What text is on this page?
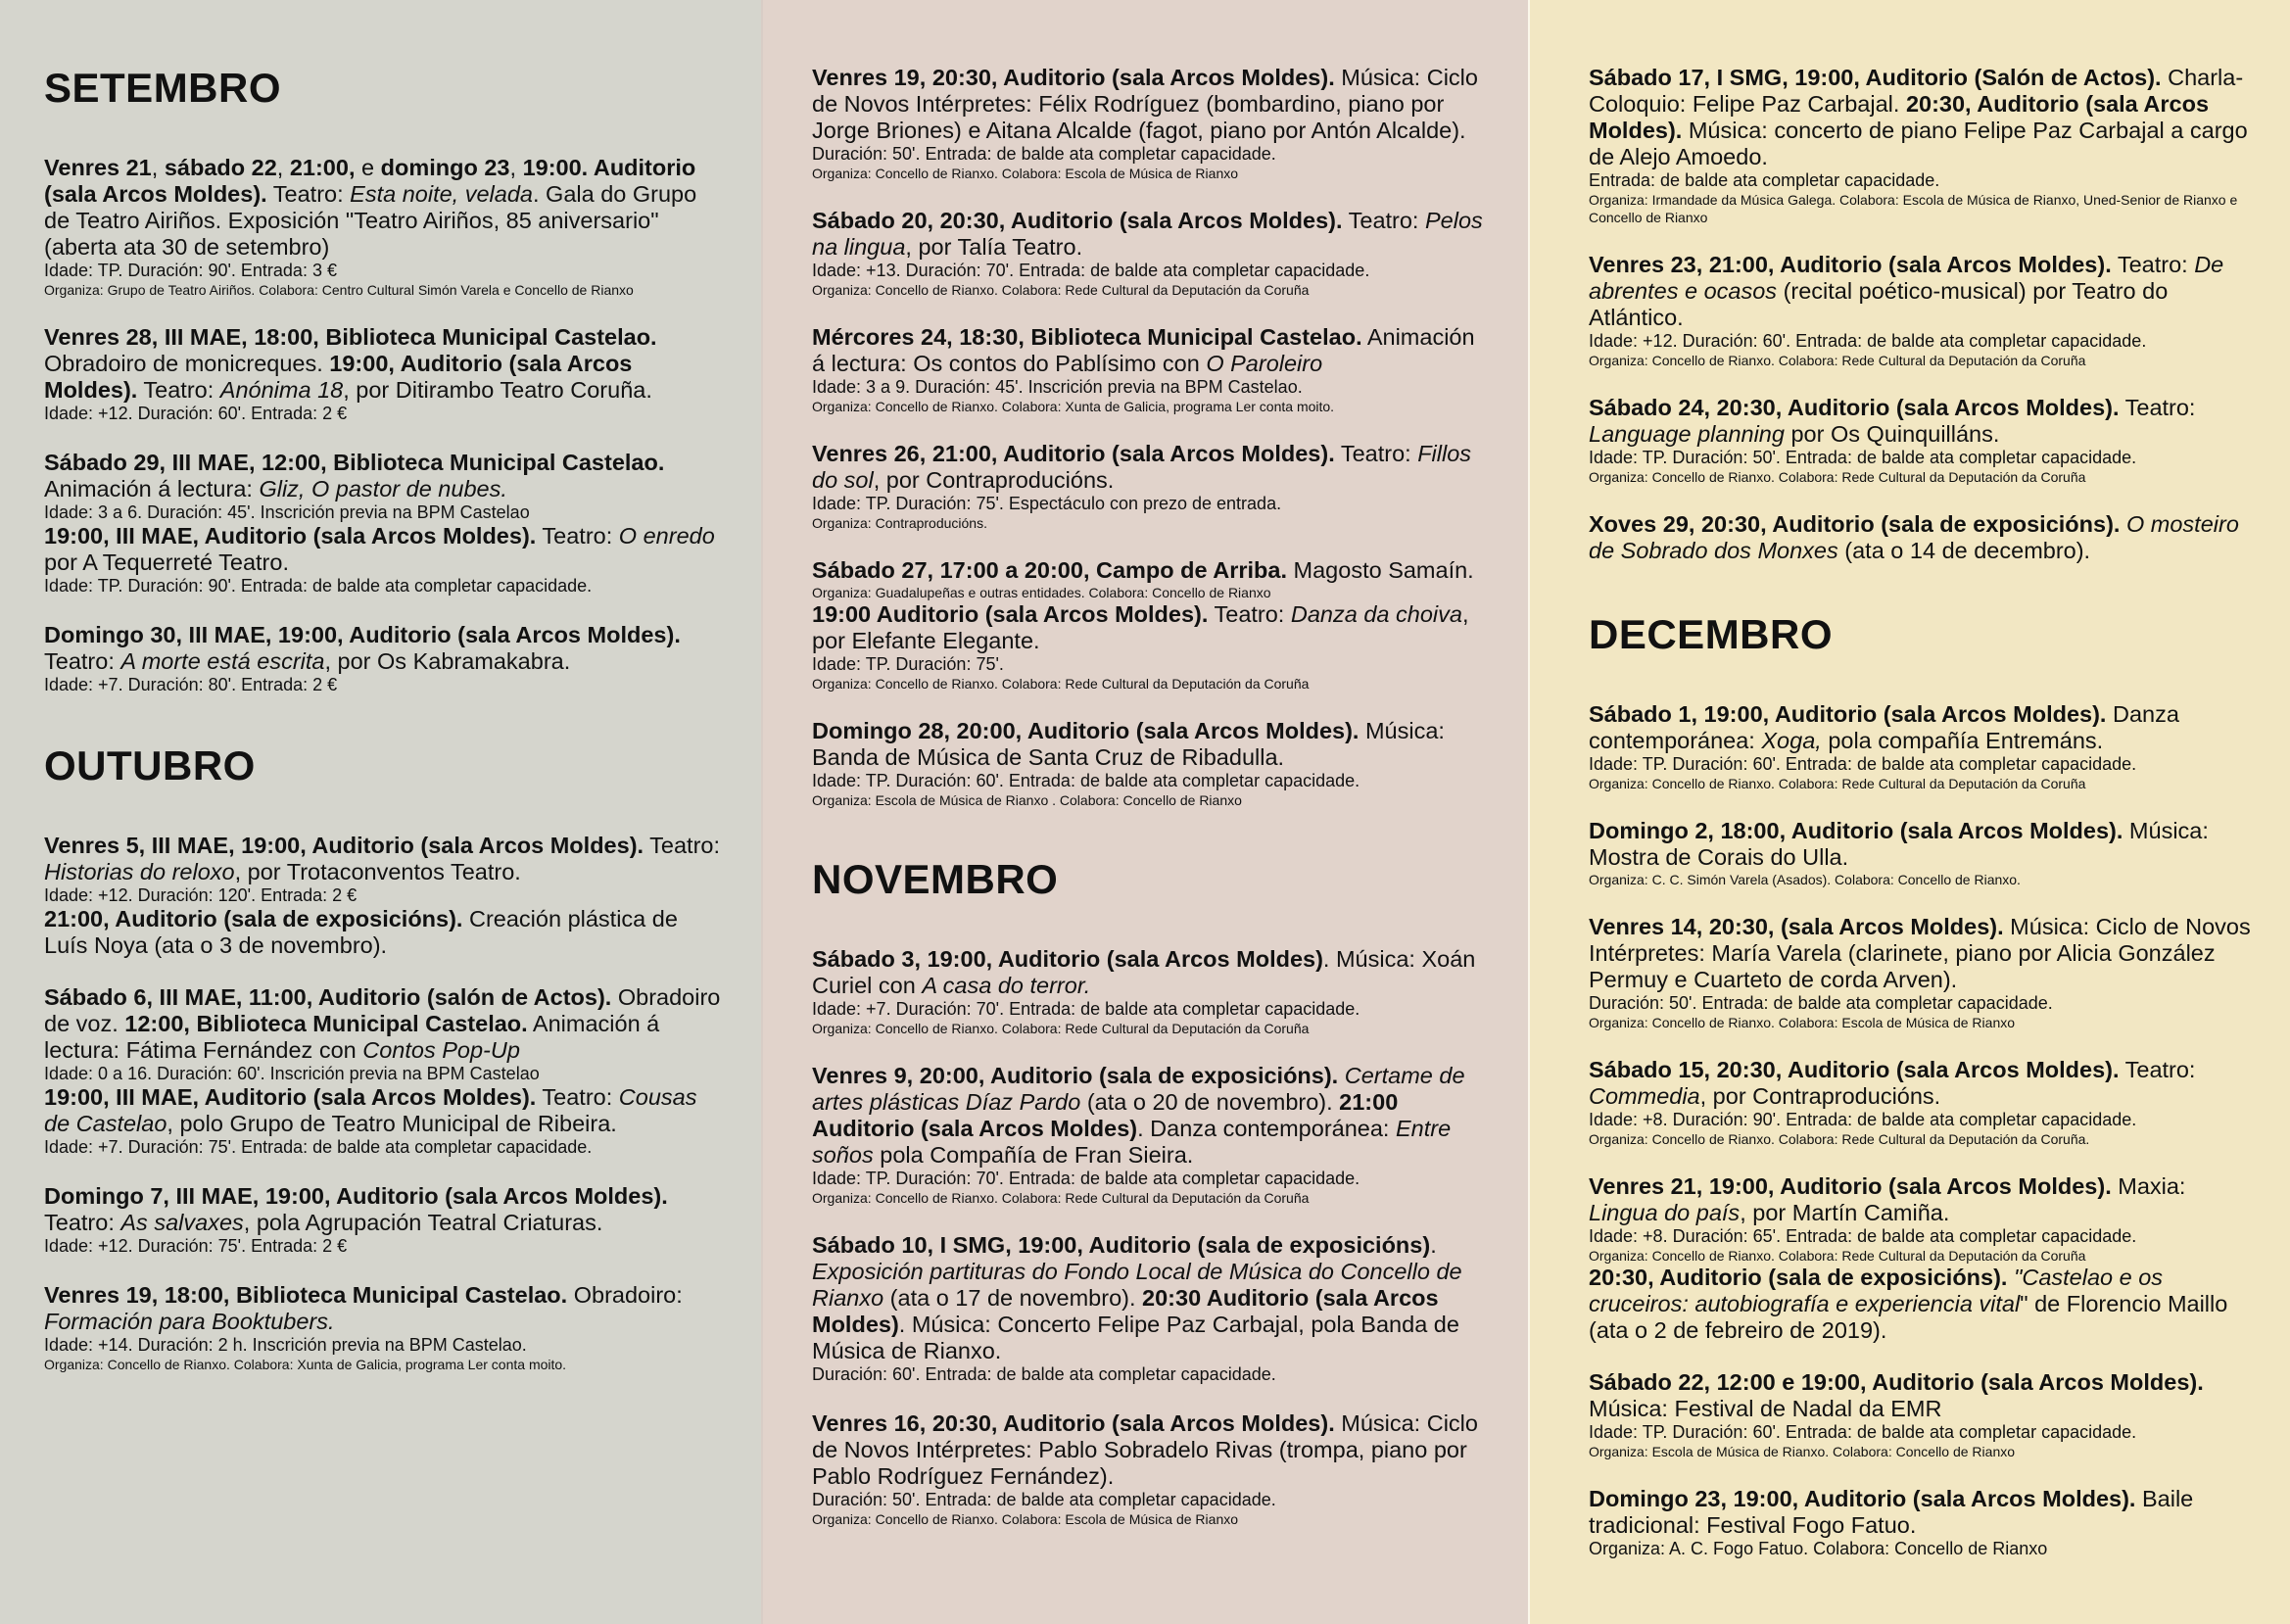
SETEMBRO
Venres 21, sábado 22, 21:00, e domingo 23, 19:00. Auditorio (sala Arcos Moldes). Teatro: Esta noite, velada. Gala do Grupo de Teatro Airiños. Exposición "Teatro Airiños, 85 aniversario" (aberta ata 30 de setembro)
Idade: TP. Duración: 90'. Entrada: 3 €
Organiza: Grupo de Teatro Airiños. Colabora: Centro Cultural Simón Varela e Concello de Rianxo
Venres 28, III MAE, 18:00, Biblioteca Municipal Castelao. Obradoiro de monicreques. 19:00, Auditorio (sala Arcos Moldes). Teatro: Anónima 18, por Ditirambo Teatro Coruña.
Idade: +12. Duración: 60'. Entrada: 2 €
Sábado 29, III MAE, 12:00, Biblioteca Municipal Castelao. Animación á lectura: Gliz, O pastor de nubes.
Idade: 3 a 6. Duración: 45'. Inscrición previa na BPM Castelao
19:00, III MAE, Auditorio (sala Arcos Moldes). Teatro: O enredo por A Tequerreté Teatro.
Idade: TP. Duración: 90'. Entrada: de balde ata completar capacidade.
Domingo 30, III MAE, 19:00, Auditorio (sala Arcos Moldes). Teatro: A morte está escrita, por Os Kabramakabra.
Idade: +7. Duración: 80'. Entrada: 2 €
OUTUBRO
Venres 5, III MAE, 19:00, Auditorio (sala Arcos Moldes). Teatro: Historias do reloxo, por Trotaconventos Teatro.
Idade: +12. Duración: 120'. Entrada: 2 €
21:00, Auditorio (sala de exposicións). Creación plástica de Luís Noya (ata o 3 de novembro).
Sábado 6, III MAE, 11:00, Auditorio (salón de Actos). Obradoiro de voz. 12:00, Biblioteca Municipal Castelao. Animación á lectura: Fátima Fernández con Contos Pop-Up
Idade: 0 a 16. Duración: 60'. Inscrición previa na BPM Castelao
19:00, III MAE, Auditorio (sala Arcos Moldes). Teatro: Cousas de Castelao, polo Grupo de Teatro Municipal de Ribeira.
Idade: +7. Duración: 75'. Entrada: de balde ata completar capacidade.
Domingo 7, III MAE, 19:00, Auditorio (sala Arcos Moldes). Teatro: As salvaxes, pola Agrupación Teatral Criaturas.
Idade: +12. Duración: 75'. Entrada: 2 €
Venres 19, 18:00, Biblioteca Municipal Castelao. Obradoiro: Formación para Booktubers.
Idade: +14. Duración: 2 h. Inscrición previa na BPM Castelao.
Organiza: Concello de Rianxo. Colabora: Xunta de Galicia, programa Ler conta moito.
Venres 19, 20:30, Auditorio (sala Arcos Moldes). Música: Ciclo de Novos Intérpretes: Félix Rodríguez (bombardino, piano por Jorge Briones) e Aitana Alcalde (fagot, piano por Antón Alcalde).
Duración: 50'. Entrada: de balde ata completar capacidade.
Organiza: Concello de Rianxo. Colabora: Escola de Música de Rianxo
Sábado 20, 20:30, Auditorio (sala Arcos Moldes). Teatro: Pelos na lingua, por Talía Teatro.
Idade: +13. Duración: 70'. Entrada: de balde ata completar capacidade.
Organiza: Concello de Rianxo. Colabora: Rede Cultural da Deputación da Coruña
Mércores 24, 18:30, Biblioteca Municipal Castelao. Animación á lectura: Os contos do Pablísimo con O Paroleiro
Idade: 3 a 9. Duración: 45'. Inscrición previa na BPM Castelao.
Organiza: Concello de Rianxo. Colabora: Xunta de Galicia, programa Ler conta moito.
Venres 26, 21:00, Auditorio (sala Arcos Moldes). Teatro: Fillos do sol, por Contraproducións.
Idade: TP. Duración: 75'. Espectáculo con prezo de entrada.
Organiza: Contraproducións.
Sábado 27, 17:00 a 20:00, Campo de Arriba. Magosto Samaín.
Organiza: Guadalupeñas e outras entidades. Colabora: Concello de Rianxo
19:00 Auditorio (sala Arcos Moldes). Teatro: Danza da choiva, por Elefante Elegante.
Idade: TP. Duración: 75'.
Organiza: Concello de Rianxo. Colabora: Rede Cultural da Deputación da Coruña
Domingo 28, 20:00, Auditorio (sala Arcos Moldes). Música: Banda de Música de Santa Cruz de Ribadulla.
Idade: TP. Duración: 60'. Entrada: de balde ata completar capacidade.
Organiza: Escola de Música de Rianxo . Colabora: Concello de Rianxo
NOVEMBRO
Sábado 3, 19:00, Auditorio (sala Arcos Moldes). Música: Xoán Curiel con A casa do terror.
Idade: +7. Duración: 70'. Entrada: de balde ata completar capacidade.
Organiza: Concello de Rianxo. Colabora: Rede Cultural da Deputación da Coruña
Venres 9, 20:00, Auditorio (sala de exposicións). Certame de artes plásticas Díaz Pardo (ata o 20 de novembro). 21:00 Auditorio (sala Arcos Moldes). Danza contemporánea: Entre soños pola Compañía de Fran Sieira.
Idade: TP. Duración: 70'. Entrada: de balde ata completar capacidade.
Organiza: Concello de Rianxo. Colabora: Rede Cultural da Deputación da Coruña
Sábado 10, I SMG, 19:00, Auditorio (sala de exposicións). Exposición partituras do Fondo Local de Música do Concello de Rianxo (ata o 17 de novembro). 20:30 Auditorio (sala Arcos Moldes). Música: Concerto Felipe Paz Carbajal, pola Banda de Música de Rianxo.
Duración: 60'. Entrada: de balde ata completar capacidade.
Venres 16, 20:30, Auditorio (sala Arcos Moldes). Música: Ciclo de Novos Intérpretes: Pablo Sobradelo Rivas (trompa, piano por Pablo Rodríguez Fernández).
Duración: 50'. Entrada: de balde ata completar capacidade.
Organiza: Concello de Rianxo. Colabora: Escola de Música de Rianxo
Sábado 17, I SMG, 19:00, Auditorio (Salón de Actos). Charla-Coloquio: Felipe Paz Carbajal. 20:30, Auditorio (sala Arcos Moldes). Música: concerto de piano Felipe Paz Carbajal a cargo de Alejo Amoedo.
Entrada: de balde ata completar capacidade.
Organiza: Irmandade da Música Galega. Colabora: Escola de Música de Rianxo, Uned-Senior de Rianxo e Concello de Rianxo
Venres 23, 21:00, Auditorio (sala Arcos Moldes). Teatro: De abrentes e ocasos (recital poético-musical) por Teatro do Atlántico.
Idade: +12. Duración: 60'. Entrada: de balde ata completar capacidade.
Organiza: Concello de Rianxo. Colabora: Rede Cultural da Deputación da Coruña
Sábado 24, 20:30, Auditorio (sala Arcos Moldes). Teatro: Language planning por Os Quinquilláns.
Idade: TP. Duración: 50'. Entrada: de balde ata completar capacidade.
Organiza: Concello de Rianxo. Colabora: Rede Cultural da Deputación da Coruña
Xoves 29, 20:30, Auditorio (sala de exposicións). O mosteiro de Sobrado dos Monxes (ata o 14 de decembro).
DECEMBRO
Sábado 1, 19:00, Auditorio (sala Arcos Moldes). Danza contemporánea: Xoga, pola compañía Entremáns.
Idade: TP. Duración: 60'. Entrada: de balde ata completar capacidade.
Organiza: Concello de Rianxo. Colabora: Rede Cultural da Deputación da Coruña
Domingo 2, 18:00, Auditorio (sala Arcos Moldes). Música: Mostra de Corais do Ulla.
Organiza: C. C. Simón Varela (Asados). Colabora: Concello de Rianxo.
Venres 14, 20:30, (sala Arcos Moldes). Música: Ciclo de Novos Intérpretes: María Varela (clarinete, piano por Alicia González Permuy e Cuarteto de corda Arven).
Duración: 50'. Entrada: de balde ata completar capacidade.
Organiza: Concello de Rianxo. Colabora: Escola de Música de Rianxo
Sábado 15, 20:30, Auditorio (sala Arcos Moldes). Teatro: Commedia, por Contraproducións.
Idade: +8. Duración: 90'. Entrada: de balde ata completar capacidade.
Organiza: Concello de Rianxo. Colabora: Rede Cultural da Deputación da Coruña.
Venres 21, 19:00, Auditorio (sala Arcos Moldes). Maxia: Lingua do país, por Martín Camiña.
Idade: +8. Duración: 65'. Entrada: de balde ata completar capacidade.
Organiza: Concello de Rianxo. Colabora: Rede Cultural da Deputación da Coruña
20:30, Auditorio (sala de exposicións). "Castelao e os cruceiros: autobiografía e experiencia vital" de Florencio Maillo (ata o 2 de febreiro de 2019).
Sábado 22, 12:00 e 19:00, Auditorio (sala Arcos Moldes). Música: Festival de Nadal da EMR
Idade: TP. Duración: 60'. Entrada: de balde ata completar capacidade.
Organiza: Escola de Música de Rianxo. Colabora: Concello de Rianxo
Domingo 23, 19:00, Auditorio (sala Arcos Moldes). Baile tradicional: Festival Fogo Fatuo.
Organiza: A. C. Fogo Fatuo. Colabora: Concello de Rianxo
